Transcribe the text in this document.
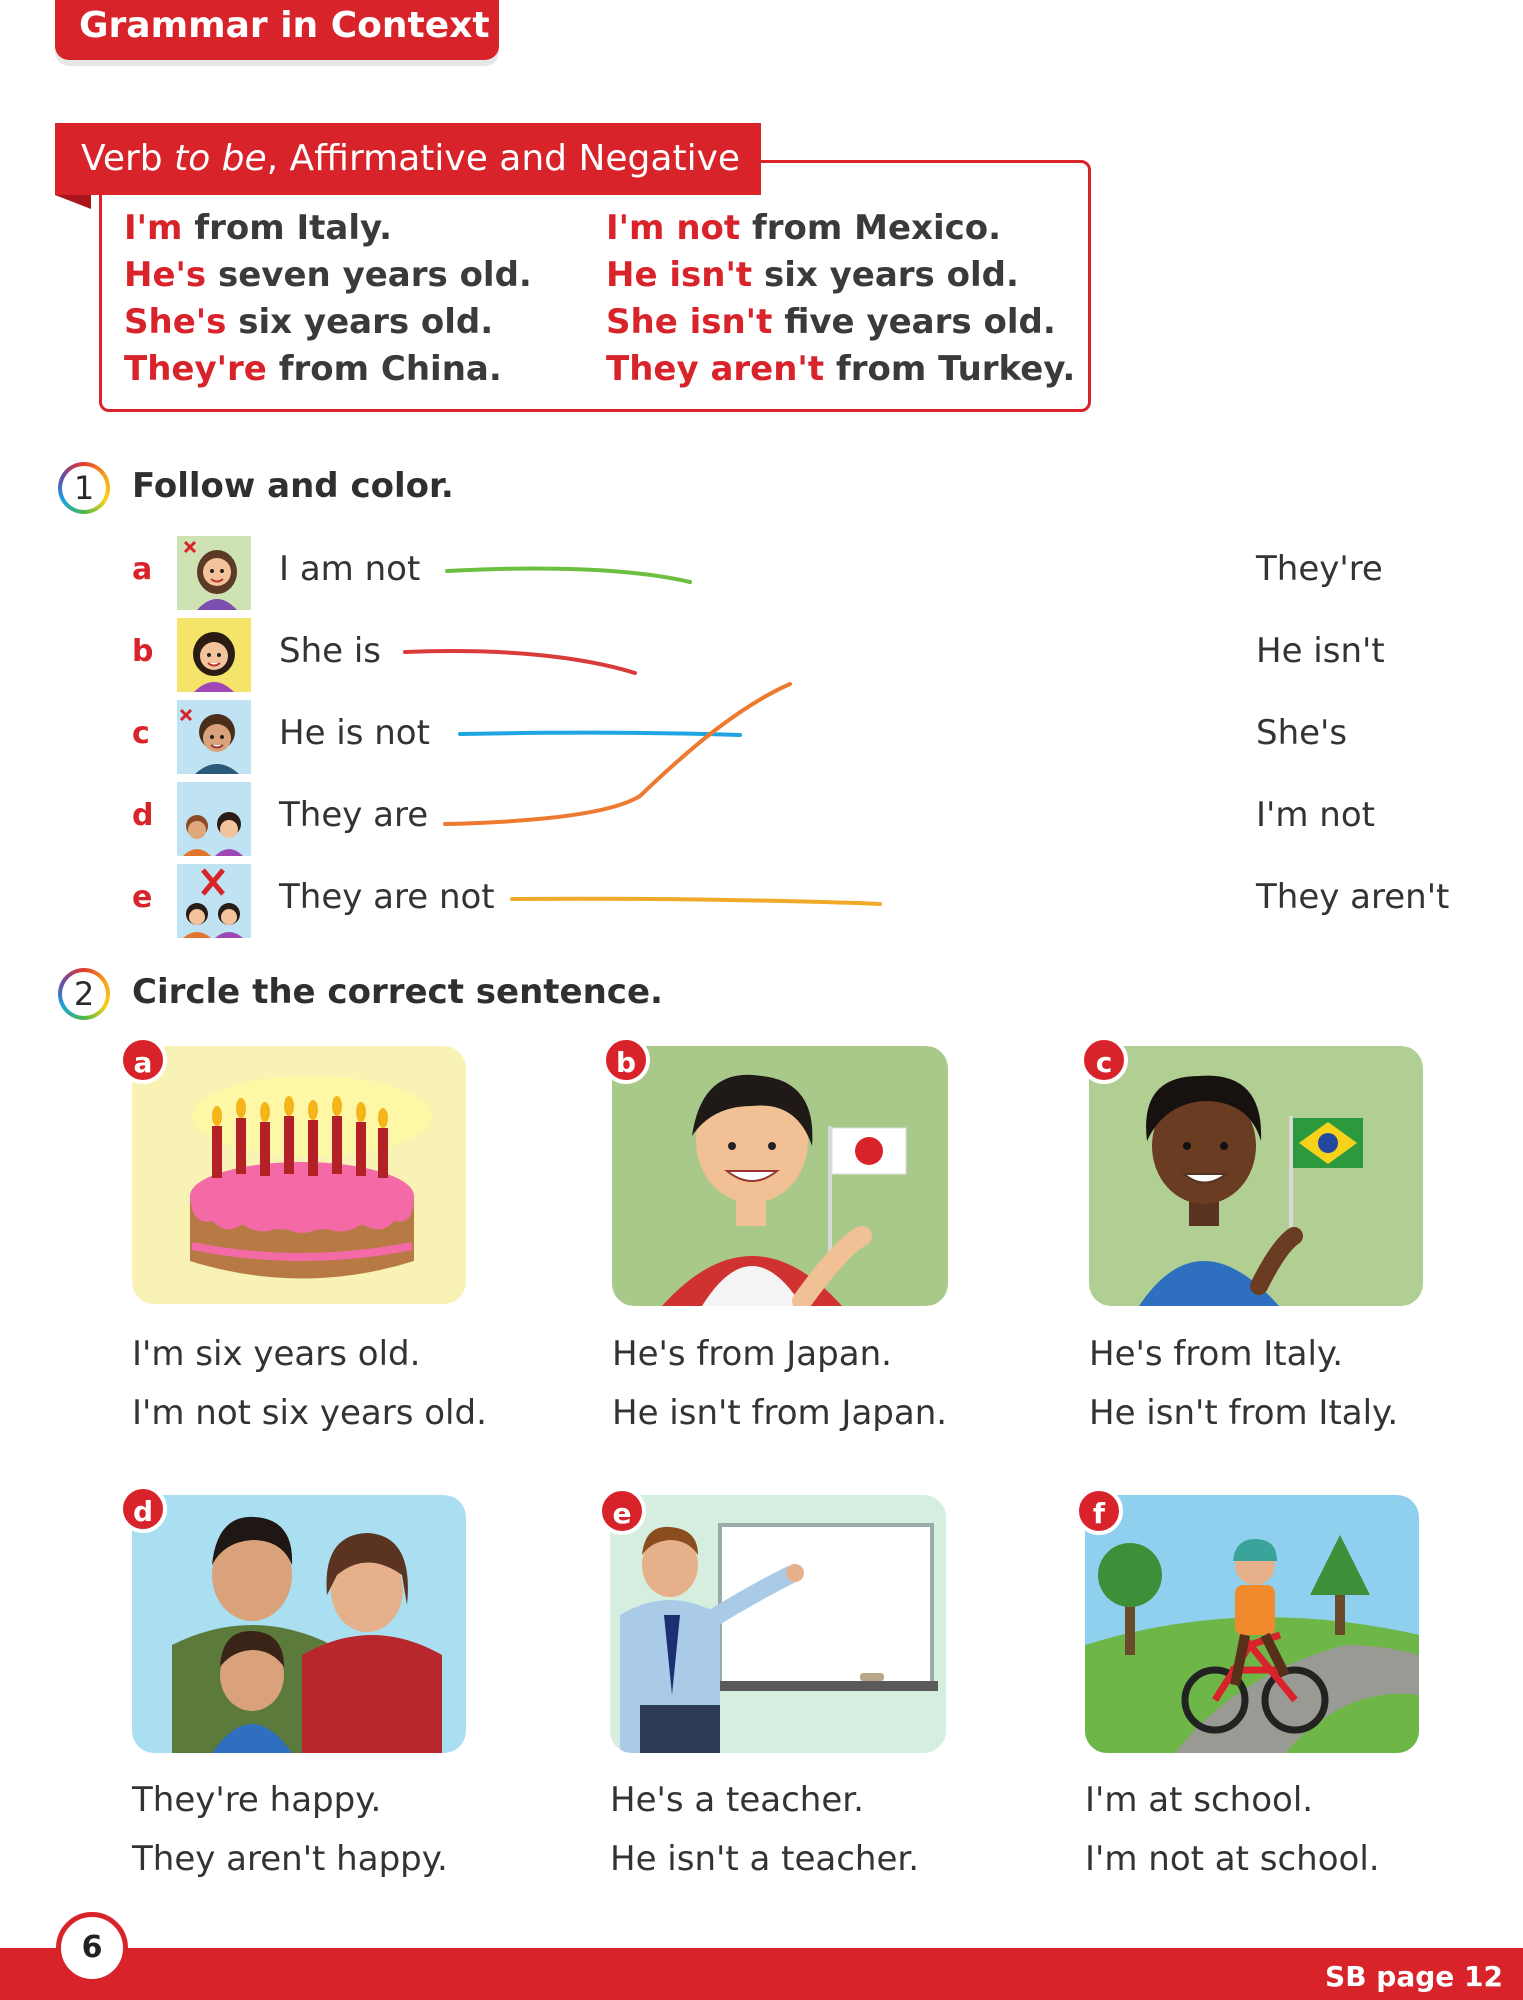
Grammar in Context
Verb to be, Affirmative and Negative
I'm from Italy.
He's seven years old.
She's six years old.
They're from China.
I'm not from Mexico.
He isn't six years old.
She isn't five years old.
They aren't from Turkey.
1	Follow and color.
a
b
c
d
e
I am not
She is
He is not
They are
They are not
They're
He isn't
She's
I'm not
They aren't
2	Circle the correct sentence.
a
I'm six years old.
I'm not six years old.
b
He's from Japan.
He isn't from Japan.
c
He's from Italy.
He isn't from Italy.
d
They're happy.
They aren't happy.
e
He's a teacher.
He isn't a teacher.
f
I'm at school.
I'm not at school.
6
SB page 12
